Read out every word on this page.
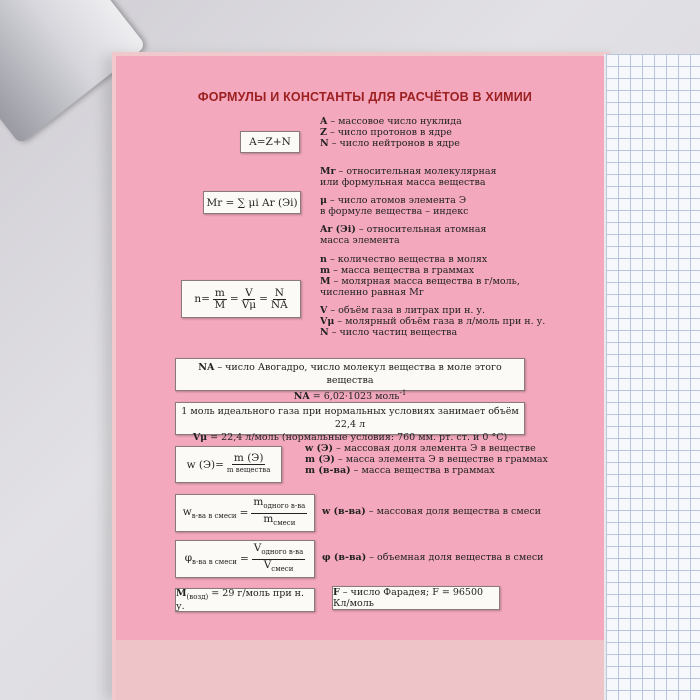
ФОРМУЛЫ И КОНСТАНТЫ ДЛЯ РАСЧЁТОВ В ХИМИИ
A=Z+N
A – массовое число нуклида
Z – число протонов в ядре
N – число нейтронов в ядре
Mr = ∑ μi Ar (Эi)
Mr – относительная молекулярная
или формульная масса вещества
μ – число атомов элемента Э
в формуле вещества – индекс
Ar (Эi) – относительная атомная
масса элемента
$n= \frac{m}{M} = \frac{V}{V\mu} = \frac{N}{NA}$
n – количество вещества в молях
m – масса вещества в граммах
M – молярная масса вещества в г/моль,
численно равная Mr
V – объём газа в литрах при н. у.
Vμ – молярный объём газа в л/моль при н. у.
N – число частиц вещества
NA – число Авогадро, число молекул вещества в моле этого вещества
NA = 6,02·1023 моль$^{-1}$
1 моль идеального газа при нормальных условиях занимает объём 22,4 л
Vμ = 22,4 л/моль (нормальные условия: 760 мм. рт. ст. и 0 °С)
w $(Э)= \frac{m (Э)}{\text{m вещества}}$
w (Э) – массовая доля элемента Э в веществе
m (Э) – масса элемента Э в веществе в граммах
m (в-ва) – масса вещества в граммах
$w_{в-ва в смеси} = \frac{m_{одного в-ва}}{m_{смеси}}$ w (в-ва) – массовая доля вещества в смеси
$\varphi_{в-ва в смеси} = \frac{V_{одного в-ва}}{V_{смеси}}$ φ (в-ва) – объемная доля вещества в смеси
$M_{(возд)} = 29$ г/моль при н. у.
F – число Фарадея; F = 96500 Кл/моль
